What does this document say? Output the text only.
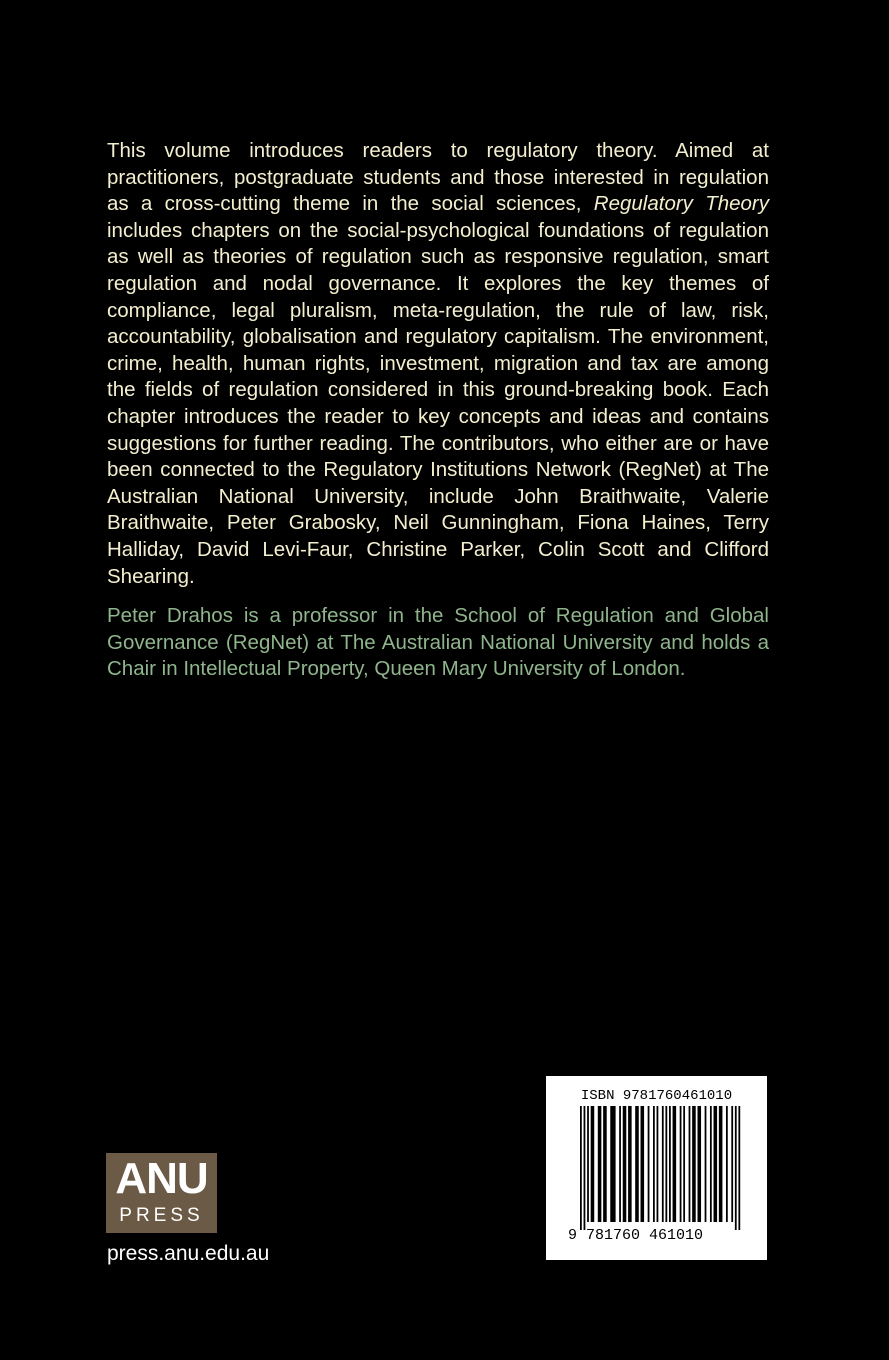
This volume introduces readers to regulatory theory. Aimed at practitioners, postgraduate students and those interested in regulation as a cross-cutting theme in the social sciences, Regulatory Theory includes chapters on the social-psychological foundations of regulation as well as theories of regulation such as responsive regulation, smart regulation and nodal governance. It explores the key themes of compliance, legal pluralism, meta-regulation, the rule of law, risk, accountability, globalisation and regulatory capitalism. The environment, crime, health, human rights, investment, migration and tax are among the fields of regulation considered in this ground-breaking book. Each chapter introduces the reader to key concepts and ideas and contains suggestions for further reading. The contributors, who either are or have been connected to the Regulatory Institutions Network (RegNet) at The Australian National University, include John Braithwaite, Valerie Braithwaite, Peter Grabosky, Neil Gunningham, Fiona Haines, Terry Halliday, David Levi-Faur, Christine Parker, Colin Scott and Clifford Shearing.

Peter Drahos is a professor in the School of Regulation and Global Governance (RegNet) at The Australian National University and holds a Chair in Intellectual Property, Queen Mary University of London.

ANU
PRESS
press.anu.edu.au
ISBN 9781760461010
9 781760 461010
